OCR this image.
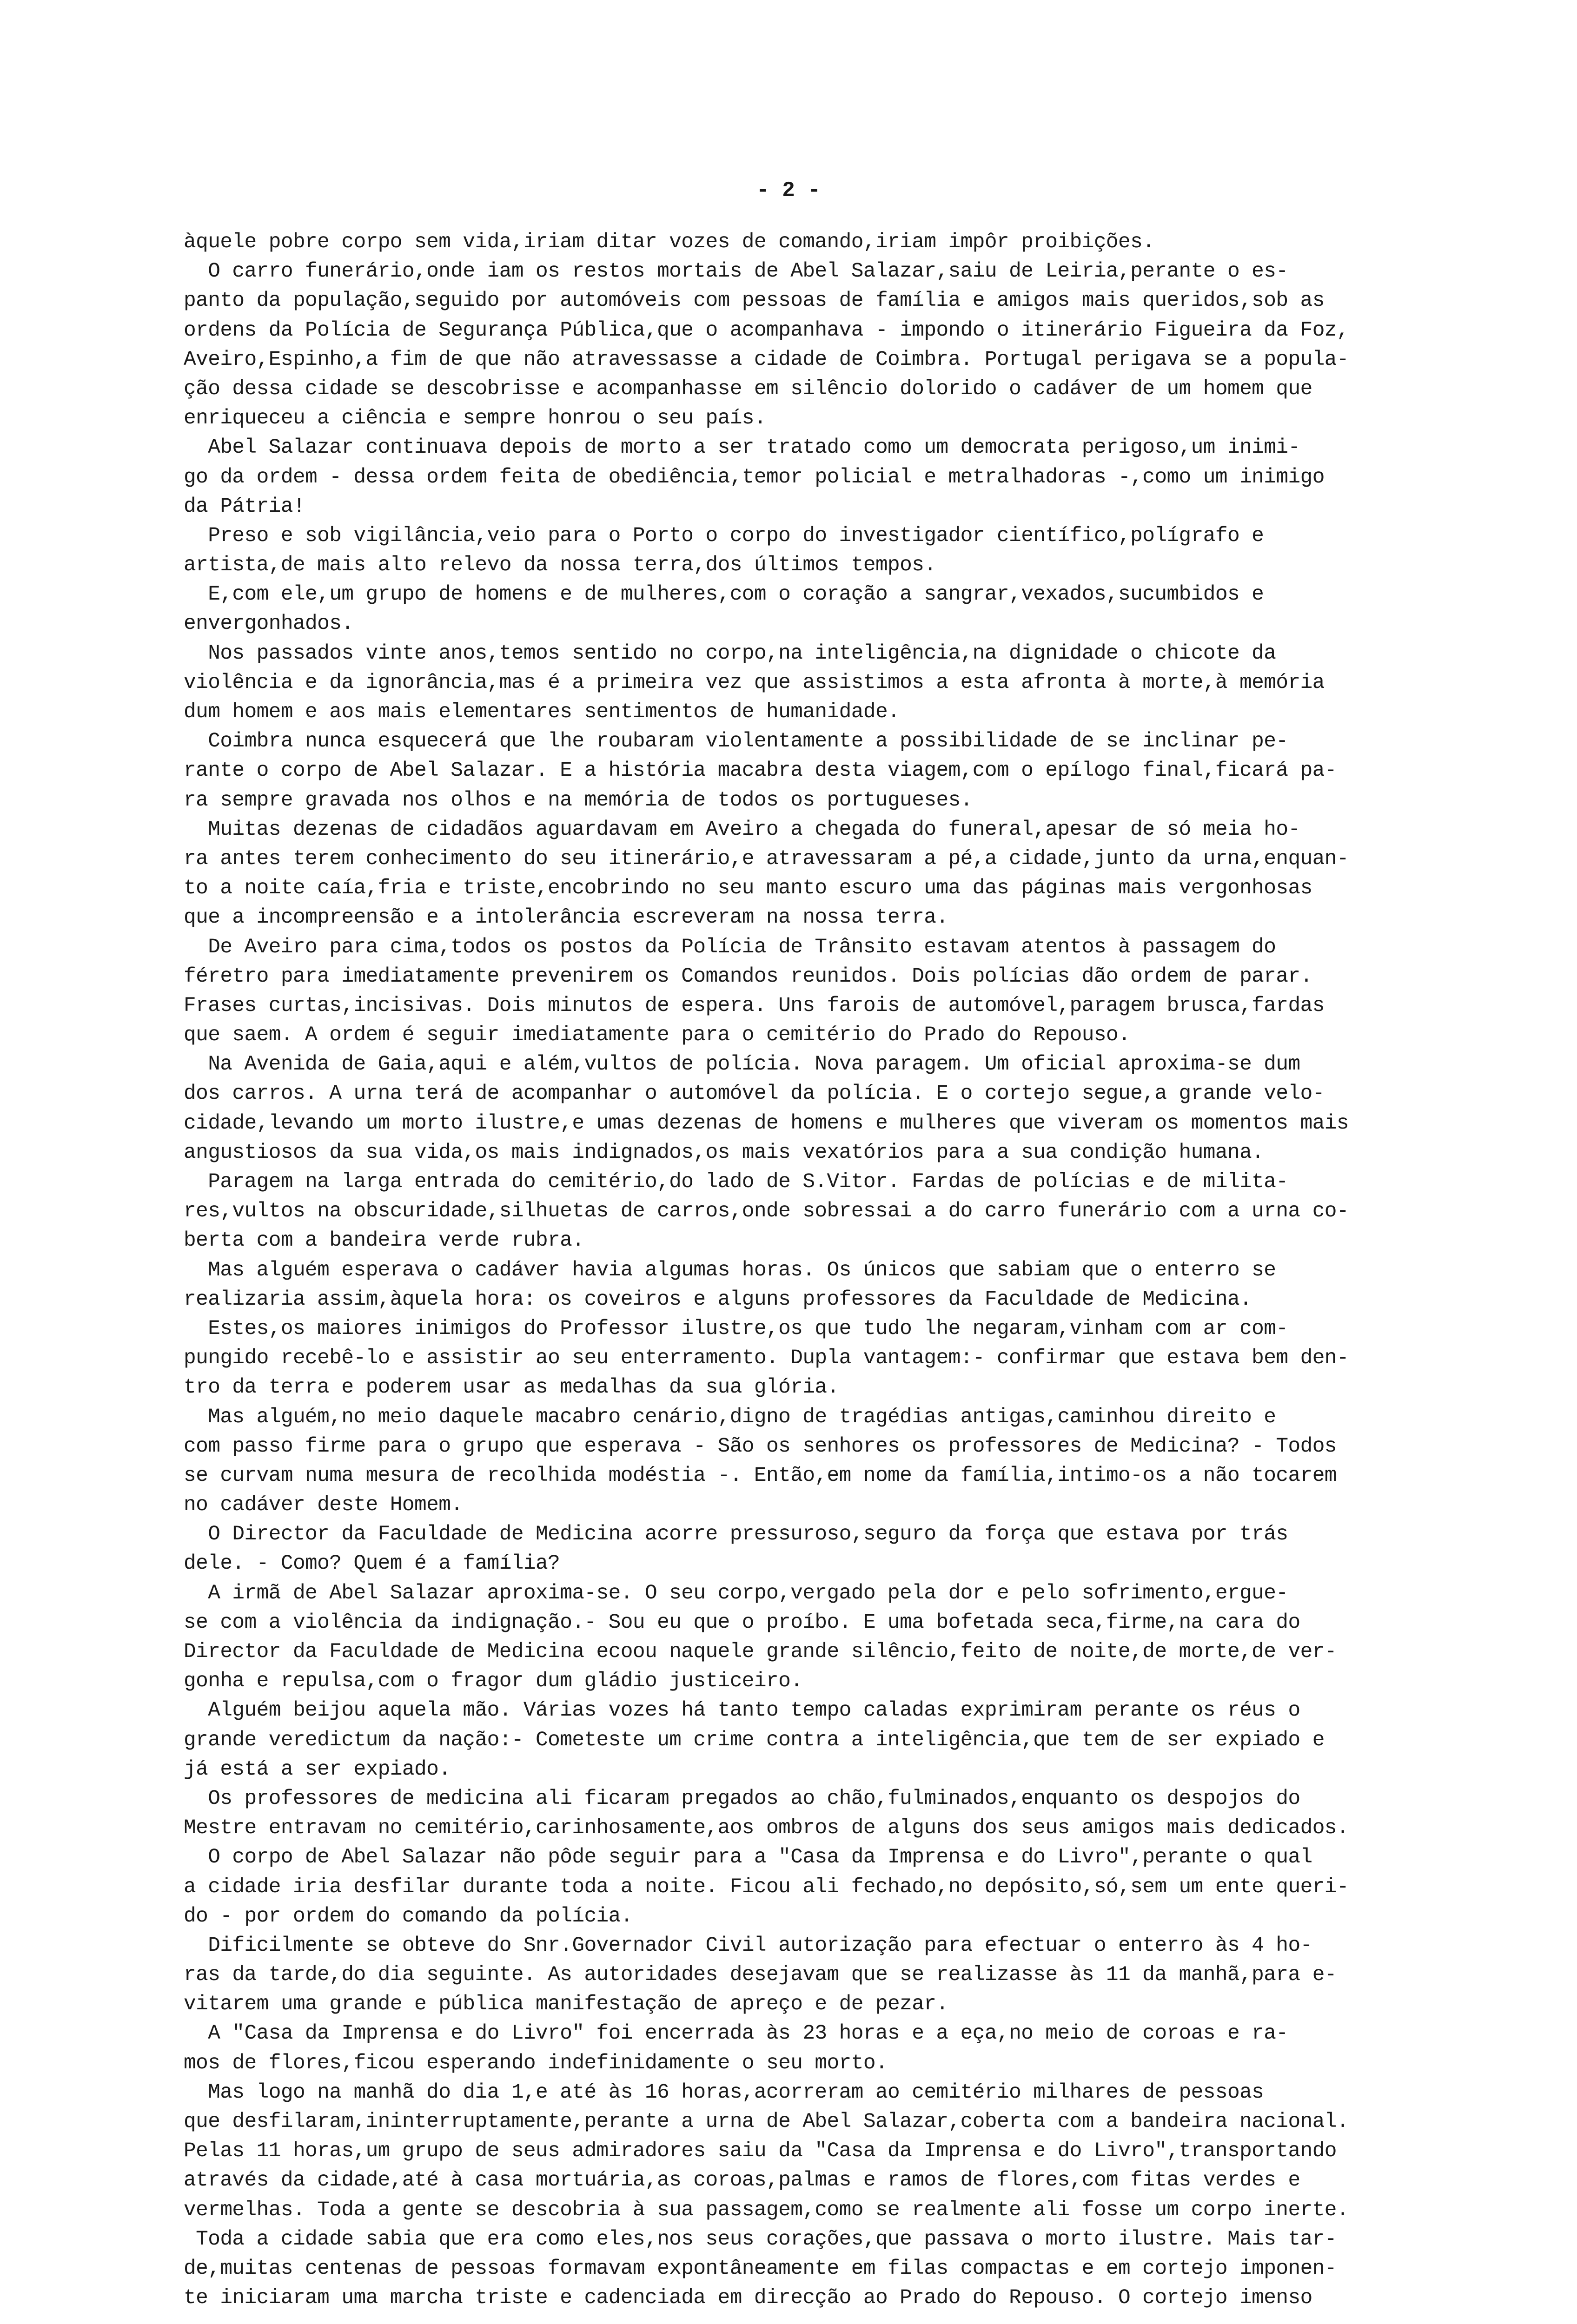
- 2 -
àquele pobre corpo sem vida,iriam ditar vozes de comando,iriam impôr proibições.
O carro funerário,onde iam os restos mortais de Abel Salazar,saiu de Leiria,perante o es-
panto da população,seguido por automóveis com pessoas de família e amigos mais queridos,sob as
ordens da Polícia de Segurança Pública,que o acompanhava - impondo o itinerário Figueira da Foz,
Aveiro,Espinho,a fim de que não atravessasse a cidade de Coimbra. Portugal perigava se a popula-
ção dessa cidade se descobrisse e acompanhasse em silêncio dolorido o cadáver de um homem que
enriqueceu a ciência e sempre honrou o seu país.
Abel Salazar continuava depois de morto a ser tratado como um democrata perigoso,um inimi-
go da ordem - dessa ordem feita de obediência,temor policial e metralhadoras -,como um inimigo
da Pátria!
Preso e sob vigilância,veio para o Porto o corpo do investigador científico,polígrafo e
artista,de mais alto relevo da nossa terra,dos últimos tempos.
E,com ele,um grupo de homens e de mulheres,com o coração a sangrar,vexados,sucumbidos e
envergonhados.
Nos passados vinte anos,temos sentido no corpo,na inteligência,na dignidade o chicote da
violência e da ignorância,mas é a primeira vez que assistimos a esta afronta à morte,à memória
dum homem e aos mais elementares sentimentos de humanidade.
Coimbra nunca esquecerá que lhe roubaram violentamente a possibilidade de se inclinar pe-
rante o corpo de Abel Salazar. E a história macabra desta viagem,com o epílogo final,ficará pa-
ra sempre gravada nos olhos e na memória de todos os portugueses.
Muitas dezenas de cidadãos aguardavam em Aveiro a chegada do funeral,apesar de só meia ho-
ra antes terem conhecimento do seu itinerário,e atravessaram a pé,a cidade,junto da urna,enquan-
to a noite caía,fria e triste,encobrindo no seu manto escuro uma das páginas mais vergonhosas
que a incompreensão e a intolerância escreveram na nossa terra.
De Aveiro para cima,todos os postos da Polícia de Trânsito estavam atentos à passagem do
féretro para imediatamente prevenirem os Comandos reunidos. Dois polícias dão ordem de parar.
Frases curtas,incisivas. Dois minutos de espera. Uns farois de automóvel,paragem brusca,fardas
que saem. A ordem é seguir imediatamente para o cemitério do Prado do Repouso.
Na Avenida de Gaia,aqui e além,vultos de polícia. Nova paragem. Um oficial aproxima-se dum
dos carros. A urna terá de acompanhar o automóvel da polícia. E o cortejo segue,a grande velo-
cidade,levando um morto ilustre,e umas dezenas de homens e mulheres que viveram os momentos mais
angustiosos da sua vida,os mais indignados,os mais vexatórios para a sua condição humana.
Paragem na larga entrada do cemitério,do lado de S.Vitor. Fardas de polícias e de milita-
res,vultos na obscuridade,silhuetas de carros,onde sobressai a do carro funerário com a urna co-
berta com a bandeira verde rubra.
Mas alguém esperava o cadáver havia algumas horas. Os únicos que sabiam que o enterro se
realizaria assim,àquela hora: os coveiros e alguns professores da Faculdade de Medicina.
Estes,os maiores inimigos do Professor ilustre,os que tudo lhe negaram,vinham com ar com-
pungido recebê-lo e assistir ao seu enterramento. Dupla vantagem:- confirmar que estava bem den-
tro da terra e poderem usar as medalhas da sua glória.
Mas alguém,no meio daquele macabro cenário,digno de tragédias antigas,caminhou direito e
com passo firme para o grupo que esperava - São os senhores os professores de Medicina? - Todos
se curvam numa mesura de recolhida modéstia -. Então,em nome da família,intimo-os a não tocarem
no cadáver deste Homem.
O Director da Faculdade de Medicina acorre pressuroso,seguro da força que estava por trás
dele. - Como? Quem é a família?
A irmã de Abel Salazar aproxima-se. O seu corpo,vergado pela dor e pelo sofrimento,ergue-
se com a violência da indignação.- Sou eu que o proíbo. E uma bofetada seca,firme,na cara do
Director da Faculdade de Medicina ecoou naquele grande silêncio,feito de noite,de morte,de ver-
gonha e repulsa,com o fragor dum gládio justiceiro.
Alguém beijou aquela mão. Várias vozes há tanto tempo caladas exprimiram perante os réus o
grande veredictum da nação:- Cometeste um crime contra a inteligência,que tem de ser expiado e
já está a ser expiado.
Os professores de medicina ali ficaram pregados ao chão,fulminados,enquanto os despojos do
Mestre entravam no cemitério,carinhosamente,aos ombros de alguns dos seus amigos mais dedicados.
O corpo de Abel Salazar não pôde seguir para a "Casa da Imprensa e do Livro",perante o qual
a cidade iria desfilar durante toda a noite. Ficou ali fechado,no depósito,só,sem um ente queri-
do - por ordem do comando da polícia.
Dificilmente se obteve do Snr.Governador Civil autorização para efectuar o enterro às 4 ho-
ras da tarde,do dia seguinte. As autoridades desejavam que se realizasse às 11 da manhã,para e-
vitarem uma grande e pública manifestação de apreço e de pezar.
A "Casa da Imprensa e do Livro" foi encerrada às 23 horas e a eça,no meio de coroas e ra-
mos de flores,ficou esperando indefinidamente o seu morto.
Mas logo na manhã do dia 1,e até às 16 horas,acorreram ao cemitério milhares de pessoas
que desfilaram,ininterruptamente,perante a urna de Abel Salazar,coberta com a bandeira nacional.
Pelas 11 horas,um grupo de seus admiradores saiu da "Casa da Imprensa e do Livro",transportando
através da cidade,até à casa mortuária,as coroas,palmas e ramos de flores,com fitas verdes e
vermelhas. Toda a gente se descobria à sua passagem,como se realmente ali fosse um corpo inerte.
Toda a cidade sabia que era como eles,nos seus corações,que passava o morto ilustre. Mais tar-
de,muitas centenas de pessoas formavam expontâneamente em filas compactas e em cortejo imponen-
te iniciaram uma marcha triste e cadenciada em direcção ao Prado do Repouso. O cortejo imenso
